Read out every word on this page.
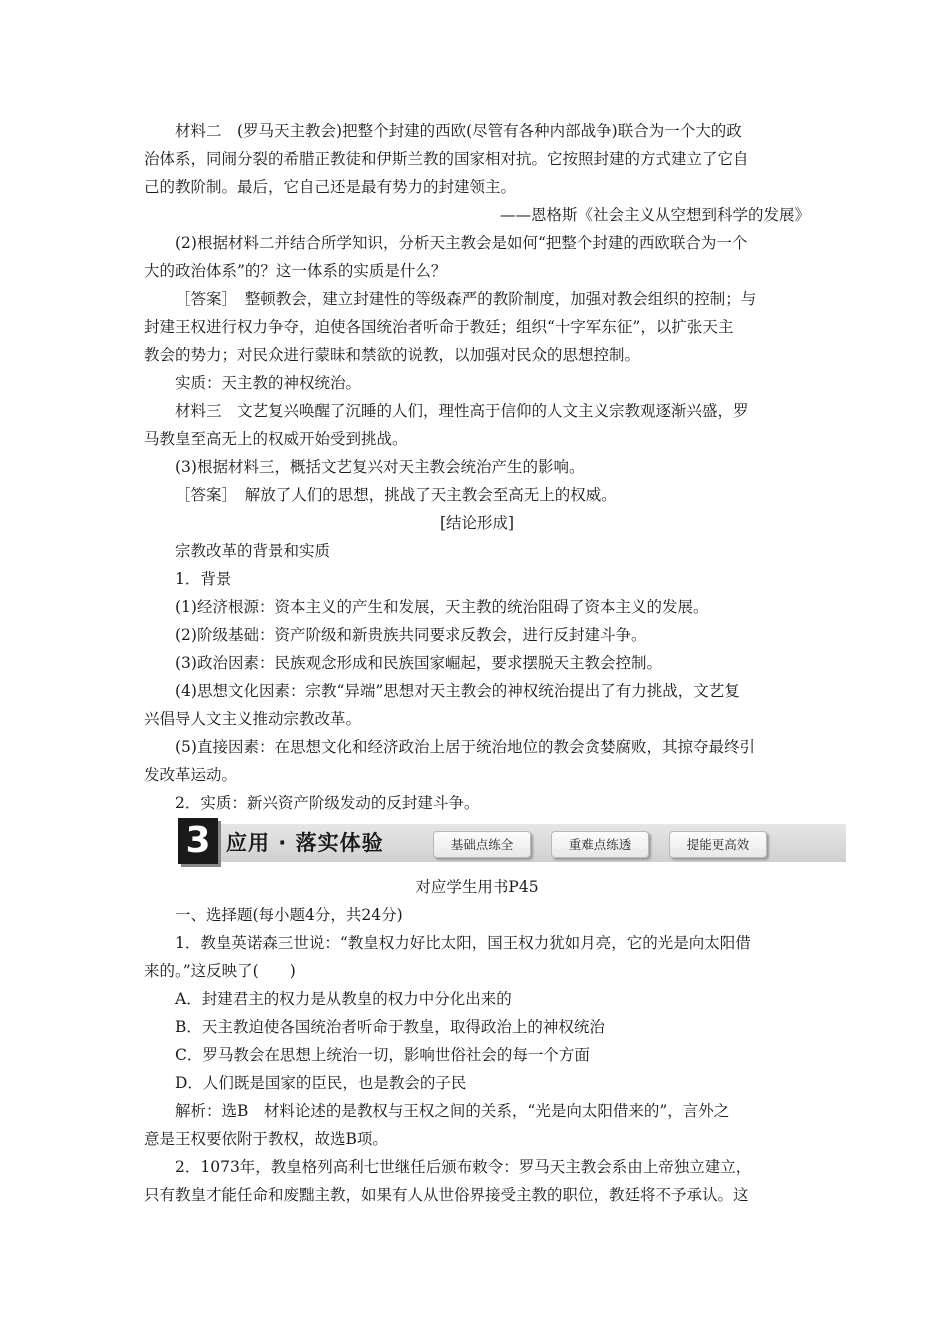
材料二　(罗马天主教会)把整个封建的西欧(尽管有各种内部战争)联合为一个大的政
治体系，同闹分裂的希腊正教徒和伊斯兰教的国家相对抗。它按照封建的方式建立了它自
己的教阶制。最后，它自己还是最有势力的封建领主。
——恩格斯《社会主义从空想到科学的发展》
(2)根据材料二并结合所学知识，分析天主教会是如何“把整个封建的西欧联合为一个
大的政治体系”的？这一体系的实质是什么？
［答案］　整顿教会，建立封建性的等级森严的教阶制度，加强对教会组织的控制；与
封建王权进行权力争夺，迫使各国统治者听命于教廷；组织“十字军东征”，以扩张天主
教会的势力；对民众进行蒙昧和禁欲的说教，以加强对民众的思想控制。
实质：天主教的神权统治。
材料三　文艺复兴唤醒了沉睡的人们，理性高于信仰的人文主义宗教观逐渐兴盛，罗
马教皇至高无上的权威开始受到挑战。
(3)根据材料三，概括文艺复兴对天主教会统治产生的影响。
［答案］　解放了人们的思想，挑战了天主教会至高无上的权威。
[结论形成]
宗教改革的背景和实质
1．背景
(1)经济根源：资本主义的产生和发展，天主教的统治阻碍了资本主义的发展。
(2)阶级基础：资产阶级和新贵族共同要求反教会，进行反封建斗争。
(3)政治因素：民族观念形成和民族国家崛起，要求摆脱天主教会控制。
(4)思想文化因素：宗教“异端”思想对天主教会的神权统治提出了有力挑战，文艺复
兴倡导人文主义推动宗教改革。
(5)直接因素：在思想文化和经济政治上居于统治地位的教会贪婪腐败，其掠夺最终引
发改革运动。
2．实质：新兴资产阶级发动的反封建斗争。
3 应用 · 落实体验	基础点练全	重难点练透	提能更高效
对应学生用书P45
一、选择题(每小题4分，共24分)
1．教皇英诺森三世说：“教皇权力好比太阳，国王权力犹如月亮，它的光是向太阳借
来的。”这反映了(　　)
A．封建君主的权力是从教皇的权力中分化出来的
B．天主教迫使各国统治者听命于教皇，取得政治上的神权统治
C．罗马教会在思想上统治一切，影响世俗社会的每一个方面
D．人们既是国家的臣民，也是教会的子民
解析：选B　材料论述的是教权与王权之间的关系，“光是向太阳借来的”，言外之
意是王权要依附于教权，故选B项。
2．1073年，教皇格列高利七世继任后颁布敕令：罗马天主教会系由上帝独立建立，
只有教皇才能任命和废黜主教，如果有人从世俗界接受主教的职位，教廷将不予承认。这
